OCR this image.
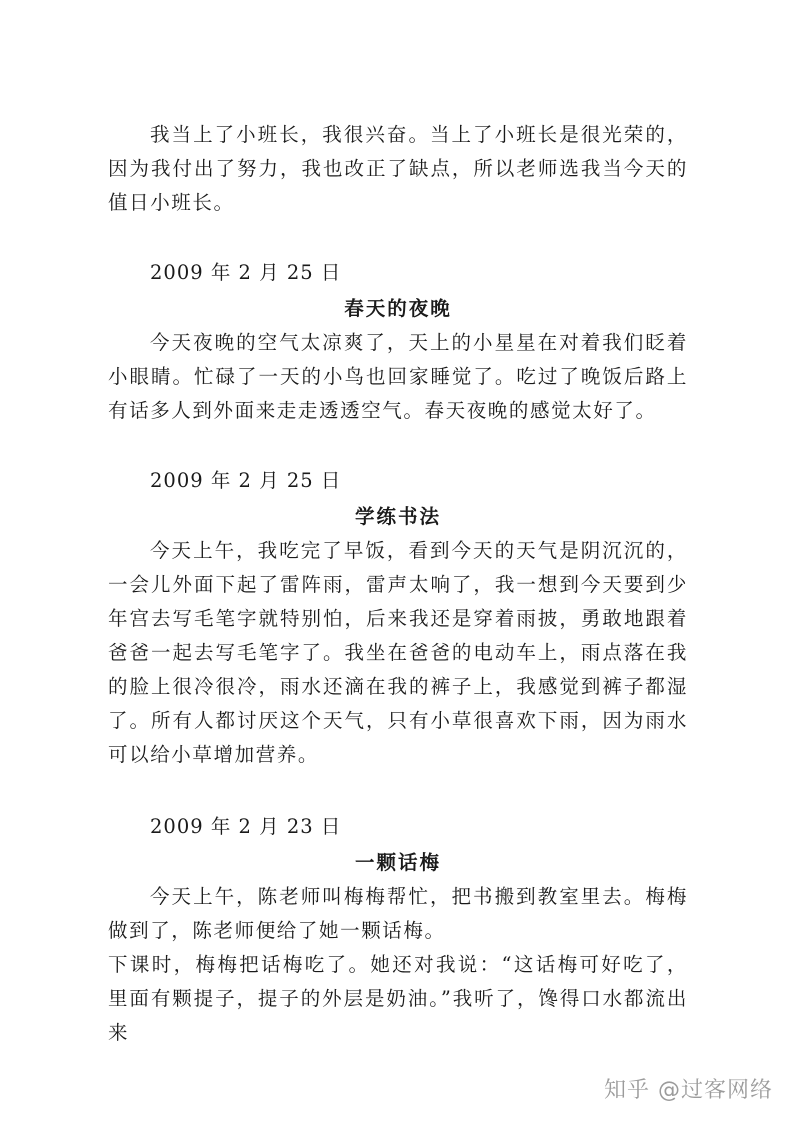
我当上了小班长，我很兴奋。当上了小班长是很光荣的，因为我付出了努力，我也改正了缺点，所以老师选我当今天的值日小班长。

2009 年 2 月 25 日

春天的夜晚

今天夜晚的空气太凉爽了，天上的小星星在对着我们眨着小眼睛。忙碌了一天的小鸟也回家睡觉了。吃过了晚饭后路上有话多人到外面来走走透透空气。春天夜晚的感觉太好了。

2009 年 2 月 25 日

学练书法

今天上午，我吃完了早饭，看到今天的天气是阴沉沉的，一会儿外面下起了雷阵雨，雷声太响了，我一想到今天要到少年宫去写毛笔字就特别怕，后来我还是穿着雨披，勇敢地跟着爸爸一起去写毛笔字了。我坐在爸爸的电动车上，雨点落在我的脸上很冷很冷，雨水还滴在我的裤子上，我感觉到裤子都湿了。所有人都讨厌这个天气，只有小草很喜欢下雨，因为雨水可以给小草增加营养。

2009 年 2 月 23 日

一颗话梅

今天上午，陈老师叫梅梅帮忙，把书搬到教室里去。梅梅做到了，陈老师便给了她一颗话梅。

下课时，梅梅把话梅吃了。她还对我说：“这话梅可好吃了，里面有颗提子，提子的外层是奶油。”我听了，馋得口水都流出来

知乎 @过客网络
